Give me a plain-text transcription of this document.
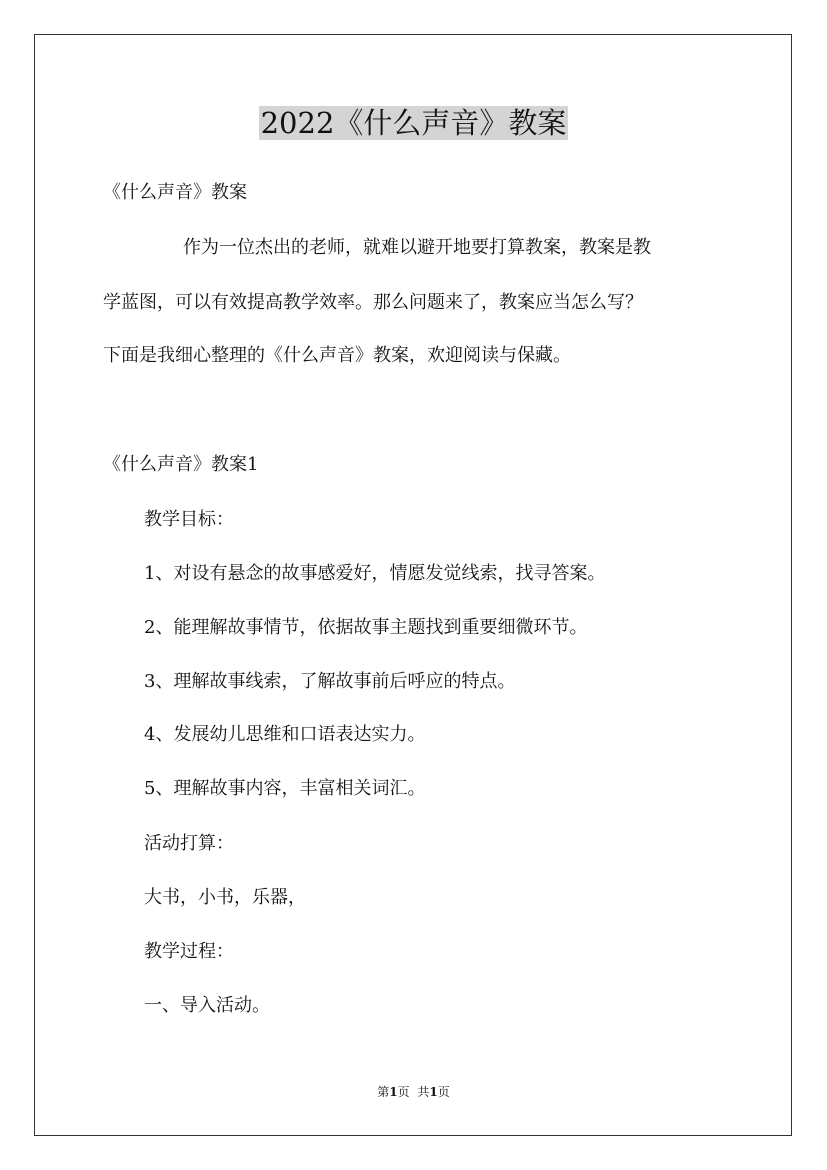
2022《什么声音》教案

《什么声音》教案

作为一位杰出的老师，就难以避开地要打算教案，教案是教

学蓝图，可以有效提高教学效率。那么问题来了，教案应当怎么写？

下面是我细心整理的《什么声音》教案，欢迎阅读与保藏。

《什么声音》教案1

教学目标：

1、对设有悬念的故事感爱好，情愿发觉线索，找寻答案。

2、能理解故事情节，依据故事主题找到重要细微环节。

3、理解故事线索，了解故事前后呼应的特点。

4、发展幼儿思维和口语表达实力。

5、理解故事内容，丰富相关词汇。

活动打算：

大书，小书，乐器，

教学过程：

一、导入活动。

第1页 共1页
